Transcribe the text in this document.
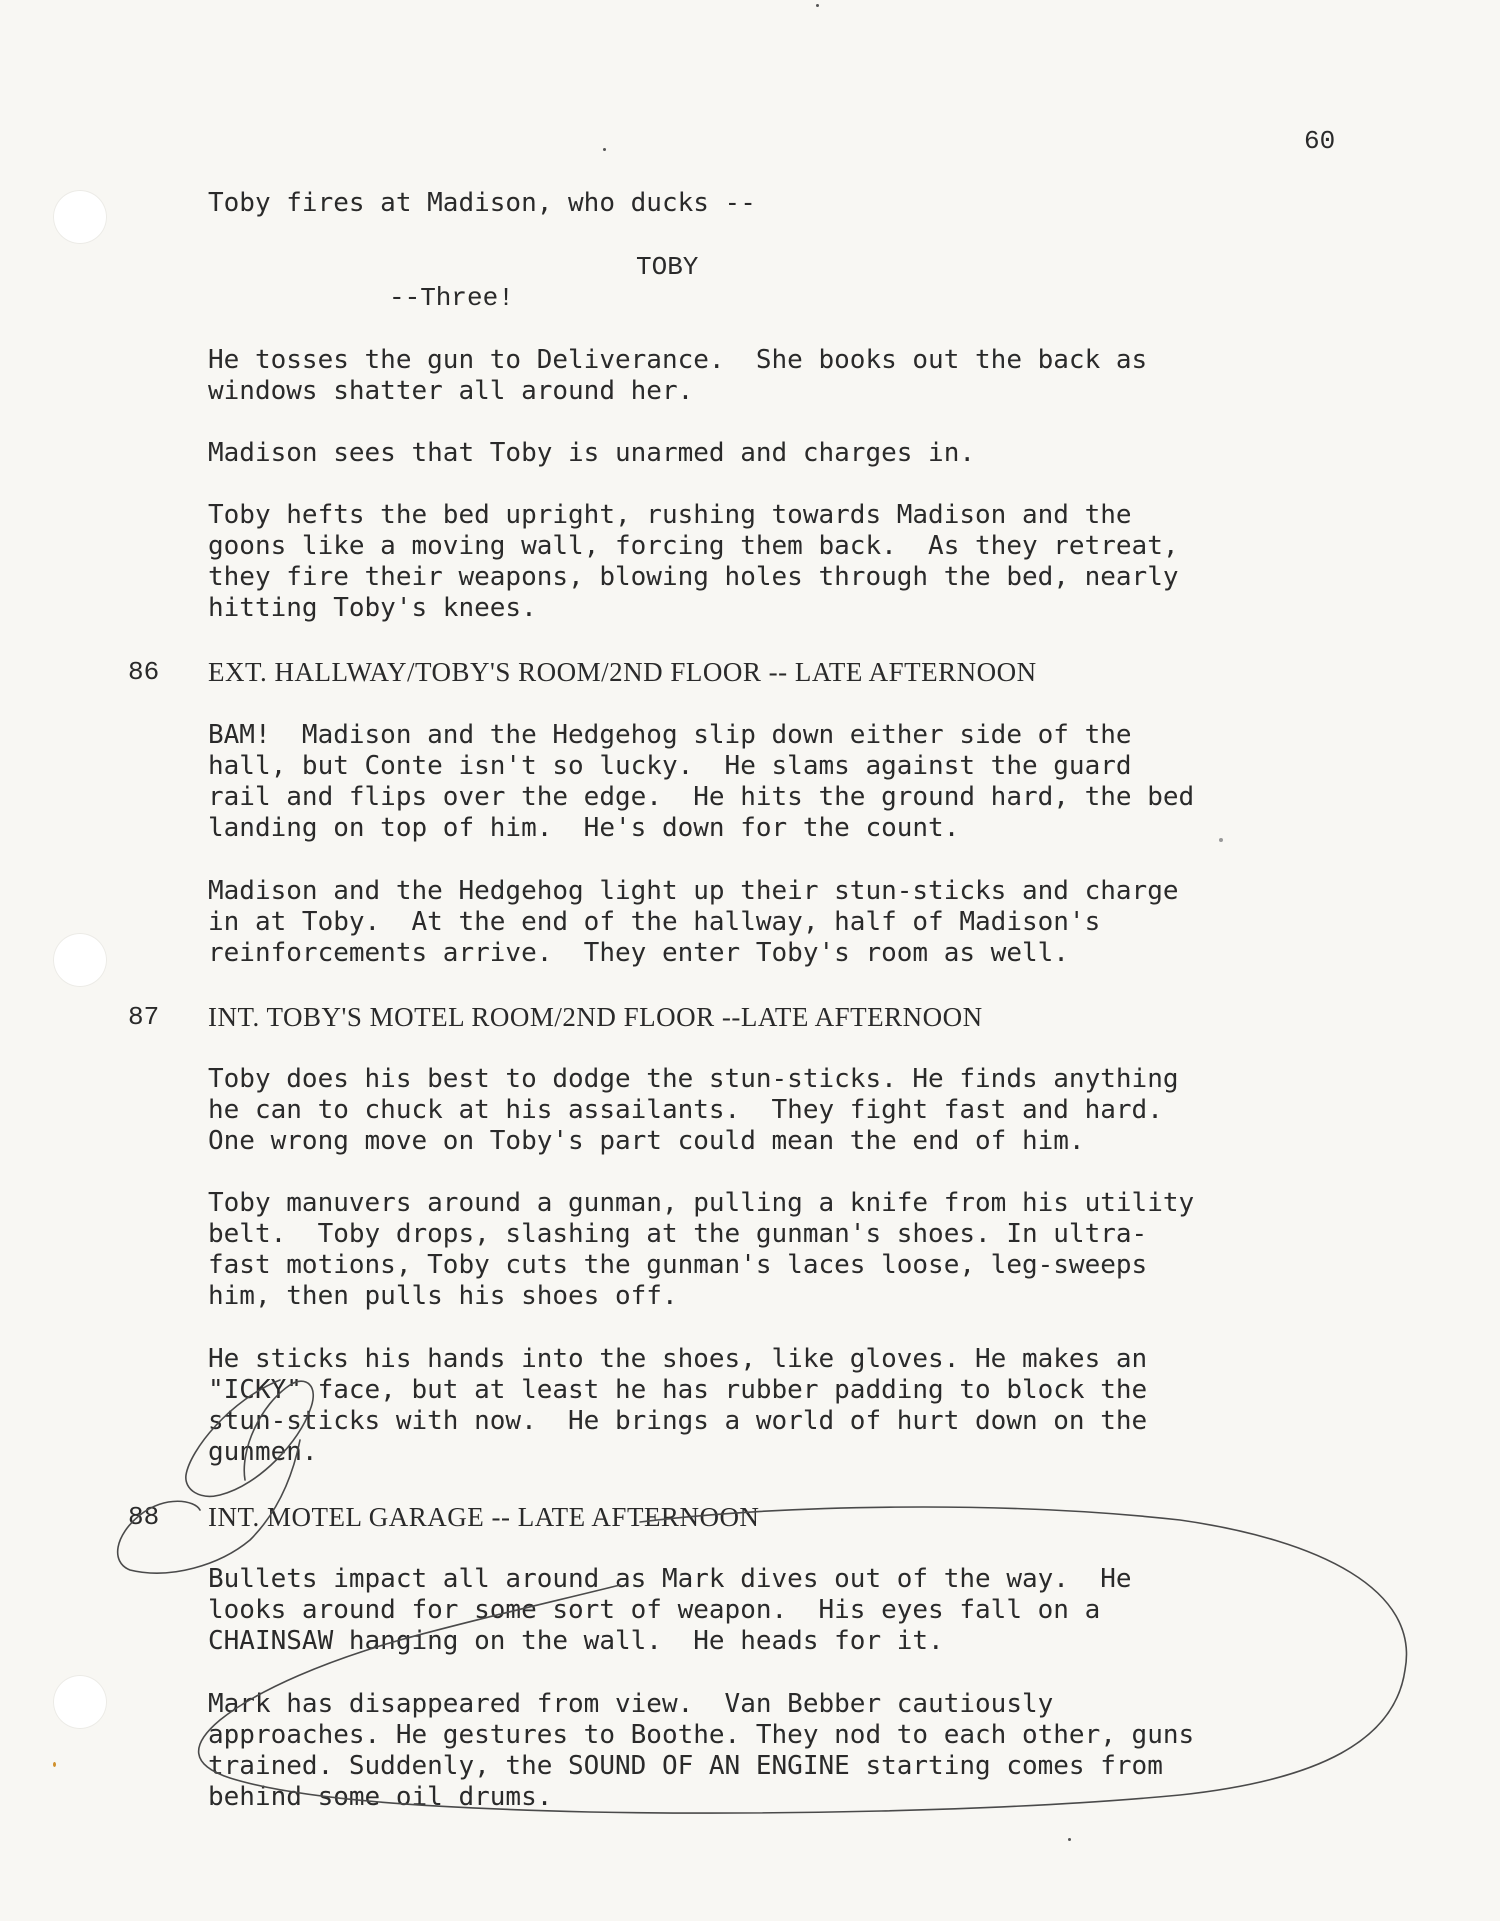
60
Toby fires at Madison, who ducks --
TOBY
--Three!
He tosses the gun to Deliverance.  She books out the back as
windows shatter all around her.
Madison sees that Toby is unarmed and charges in.
Toby hefts the bed upright, rushing towards Madison and the
goons like a moving wall, forcing them back.  As they retreat,
they fire their weapons, blowing holes through the bed, nearly
hitting Toby's knees.
86 EXT. HALLWAY/TOBY'S ROOM/2ND FLOOR -- LATE AFTERNOON
BAM!  Madison and the Hedgehog slip down either side of the
hall, but Conte isn't so lucky.  He slams against the guard
rail and flips over the edge.  He hits the ground hard, the bed
landing on top of him.  He's down for the count.
Madison and the Hedgehog light up their stun-sticks and charge
in at Toby.  At the end of the hallway, half of Madison's
reinforcements arrive.  They enter Toby's room as well.
87 INT. TOBY'S MOTEL ROOM/2ND FLOOR --LATE AFTERNOON
Toby does his best to dodge the stun-sticks. He finds anything
he can to chuck at his assailants.  They fight fast and hard.
One wrong move on Toby's part could mean the end of him.
Toby manuvers around a gunman, pulling a knife from his utility
belt.  Toby drops, slashing at the gunman's shoes. In ultra-
fast motions, Toby cuts the gunman's laces loose, leg-sweeps
him, then pulls his shoes off.
He sticks his hands into the shoes, like gloves. He makes an
"ICKY" face, but at least he has rubber padding to block the
stun-sticks with now.  He brings a world of hurt down on the
gunmen.
88 INT. MOTEL GARAGE -- LATE AFTERNOON
Bullets impact all around as Mark dives out of the way.  He
looks around for some sort of weapon.  His eyes fall on a
CHAINSAW hanging on the wall.  He heads for it.
Mark has disappeared from view.  Van Bebber cautiously
approaches. He gestures to Boothe. They nod to each other, guns
trained. Suddenly, the SOUND OF AN ENGINE starting comes from
behind some oil drums.
